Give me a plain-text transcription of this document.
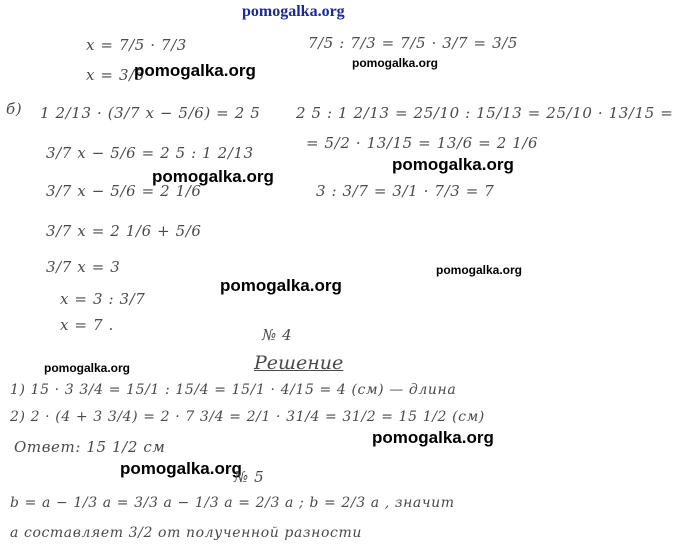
pomogalka.org
x = 7/5 · 7/3
x = 3/5
7/5 : 7/3 = 7/5 · 3/7 = 3/5
pomogalka.org	pomogalka.org
б) 1 2/13 · (3/7 x − 5/6) = 2 5
3/7 x − 5/6 = 2 5 : 1 2/13
3/7 x − 5/6 = 2 1/6
3/7 x = 2 1/6 + 5/6
3/7 x = 3
x = 3 : 3/7
x = 7 .
2 5 : 1 2/13 = 25/10 : 15/13 = 25/10 · 13/15 =
= 5/2 · 13/15 = 13/6 = 2 1/6
3 : 3/7 = 3/1 · 7/3 = 7
pomogalka.org
pomogalka.org
pomogalka.org
pomogalka.org
№ 4
Решение
pomogalka.org
1) 15 · 3 3/4 = 15/1 : 15/4 = 15/1 · 4/15 = 4 (см) — длина
2) 2 · (4 + 3 3/4) = 2 · 7 3/4 = 2/1 · 31/4 = 31/2 = 15 1/2 (см)
Ответ: 15 1/2 см	pomogalka.org
pomogalka.org
№ 5
b = a − 1/3 a = 3/3 a − 1/3 a = 2/3 a ; b = 2/3 a , значит
a составляет 3/2 от полученной разности
